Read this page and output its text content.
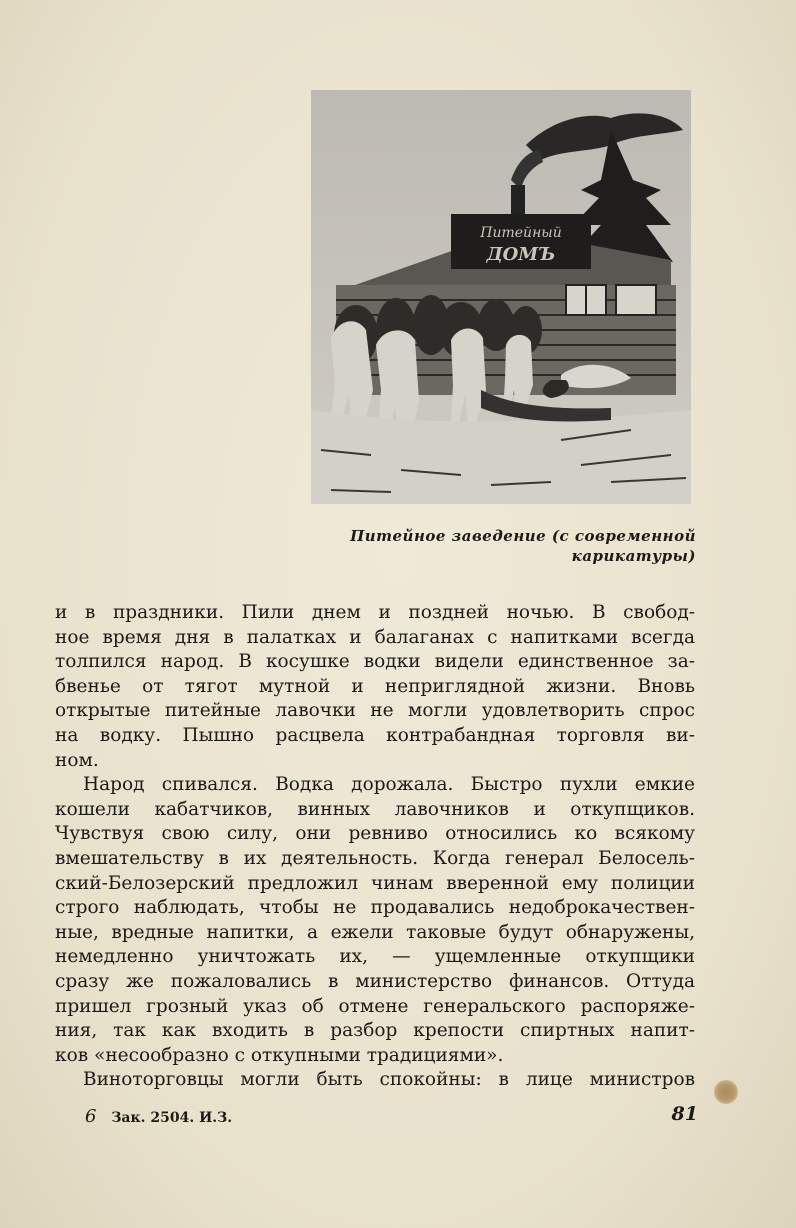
Питейный
ДОМЪ
Питейное заведение (с современной
карикатуры)

и в праздники. Пили днем и поздней ночью. В свобод-
ное время дня в палатках и балаганах с напитками всегда
толпился народ. В косушке водки видели единственное за-
бвенье от тягот мутной и неприглядной жизни. Вновь
открытые питейные лавочки не могли удовлетворить спрос
на водку. Пышно расцвела контрабандная торговля ви-
ном.

Народ спивался. Водка дорожала. Быстро пухли емкие
кошели кабатчиков, винных лавочников и откупщиков.
Чувствуя свою силу, они ревниво относились ко всякому
вмешательству в их деятельность. Когда генерал Белосель-
ский-Белозерский предложил чинам вверенной ему полиции
строго наблюдать, чтобы не продавались недоброкачествен-
ные, вредные напитки, а ежели таковые будут обнаружены,
немедленно уничтожать их, — ущемленные откупщики
сразу же пожаловались в министерство финансов. Оттуда
пришел грозный указ об отмене генеральского распоряже-
ния, так как входить в разбор крепости спиртных напит-
ков «несообразно с откупными традициями».

Виноторговцы могли быть спокойны: в лице министров

6 Зак. 2504. И.З.	81
